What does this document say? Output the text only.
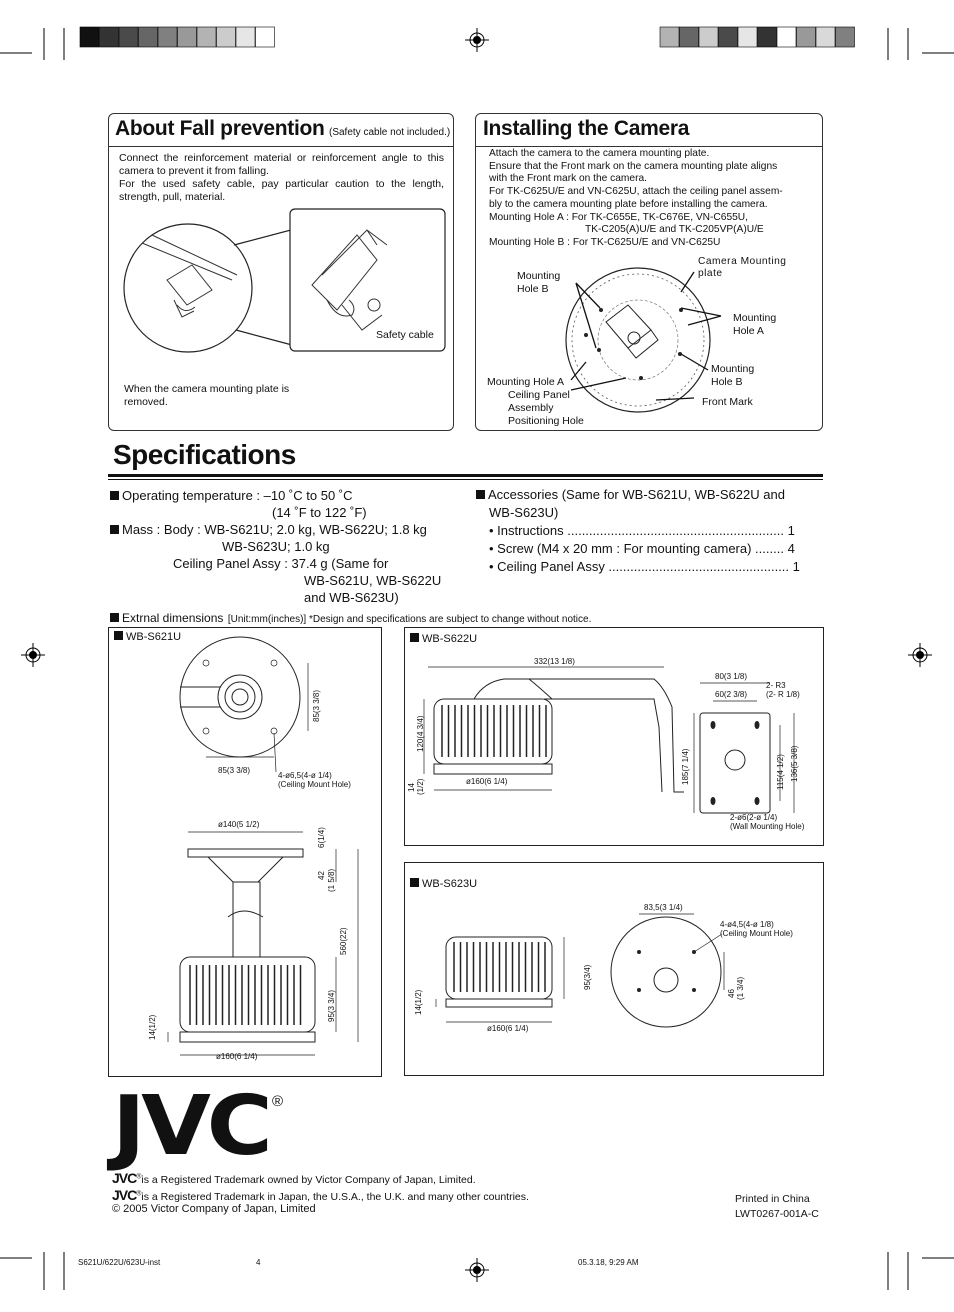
About Fall prevention (Safety cable not included.)
Connect the reinforcement material or reinforcement angle to this camera to prevent it from falling.
For the used safety cable, pay particular caution to the length, strength, pull, material.
Safety cable
When the camera mounting plate is removed.
Installing the Camera
Attach the camera to the camera mounting plate.
Ensure that the Front mark on the camera mounting plate aligns
with the Front mark on the camera.
For TK-C625U/E and VN-C625U, attach the ceiling panel assem-
bly to the camera mounting plate before installing the camera.
Mounting Hole A : For TK-C655E, TK-C676E, VN-C655U,
TK-C205(A)U/E and TK-C205VP(A)U/E
Mounting Hole B : For TK-C625U/E and VN-C625U
Camera Mounting
plate
Mounting
Hole B
Mounting
Hole A
Mounting
Hole B
Mounting Hole A
Ceiling Panel
Assembly
Positioning Hole
Front Mark
Specifications
Operating temperature : –10 ˚C to 50 ˚C
(14 ˚F to 122 ˚F)
Mass : Body : WB-S621U; 2.0 kg, WB-S622U; 1.8 kg
WB-S623U; 1.0 kg
Ceiling Panel Assy : 37.4 g (Same for
WB-S621U, WB-S622U
and WB-S623U)
Accessories (Same for WB-S621U, WB-S622U and
WB-S623U)
• Instructions ............................................................ 1
• Screw (M4 x 20 mm : For mounting camera) ........ 4
• Ceiling Panel Assy .................................................. 1
Extrnal dimensions [Unit:mm(inches)] *Design and specifications are subject to change without notice.
WB-S621U
85(3 3/8)
85(3 3/8)
4-ø6,5(4-ø 1/4)
(Ceiling Mount Hole)
ø140(5 1/2)
6(1/4)
42 (1 5/8)
560(22)
95(3 3/4)
14(1/2)
ø160(6 1/4)
WB-S622U
332(13 1/8)
80(3 1/8)
60(2 3/8)
2- R3
(2- R 1/8)
120(4 3/4)
14 (1/2)	ø160(6 1/4)	185(7 1/4)	115(4 1/2) 136(5 3/8)
2-ø6(2-ø 1/4)
(Wall Mounting Hole)
WB-S623U
83,5(3 1/4)
4-ø4,5(4-ø 1/8)
(Ceiling Mount Hole)
95(3/4)
14(1/2)
ø160(6 1/4)
46 (1 3/4)
JVC ®
JVC®is a Registered Trademark owned by Victor Company of Japan, Limited.
JVC®is a Registered Trademark in Japan, the U.S.A., the U.K. and many other countries.
© 2005 Victor Company of Japan, Limited
Printed in China
LWT0267-001A-C
S621U/622U/623U-inst	4	05.3.18, 9:29 AM
